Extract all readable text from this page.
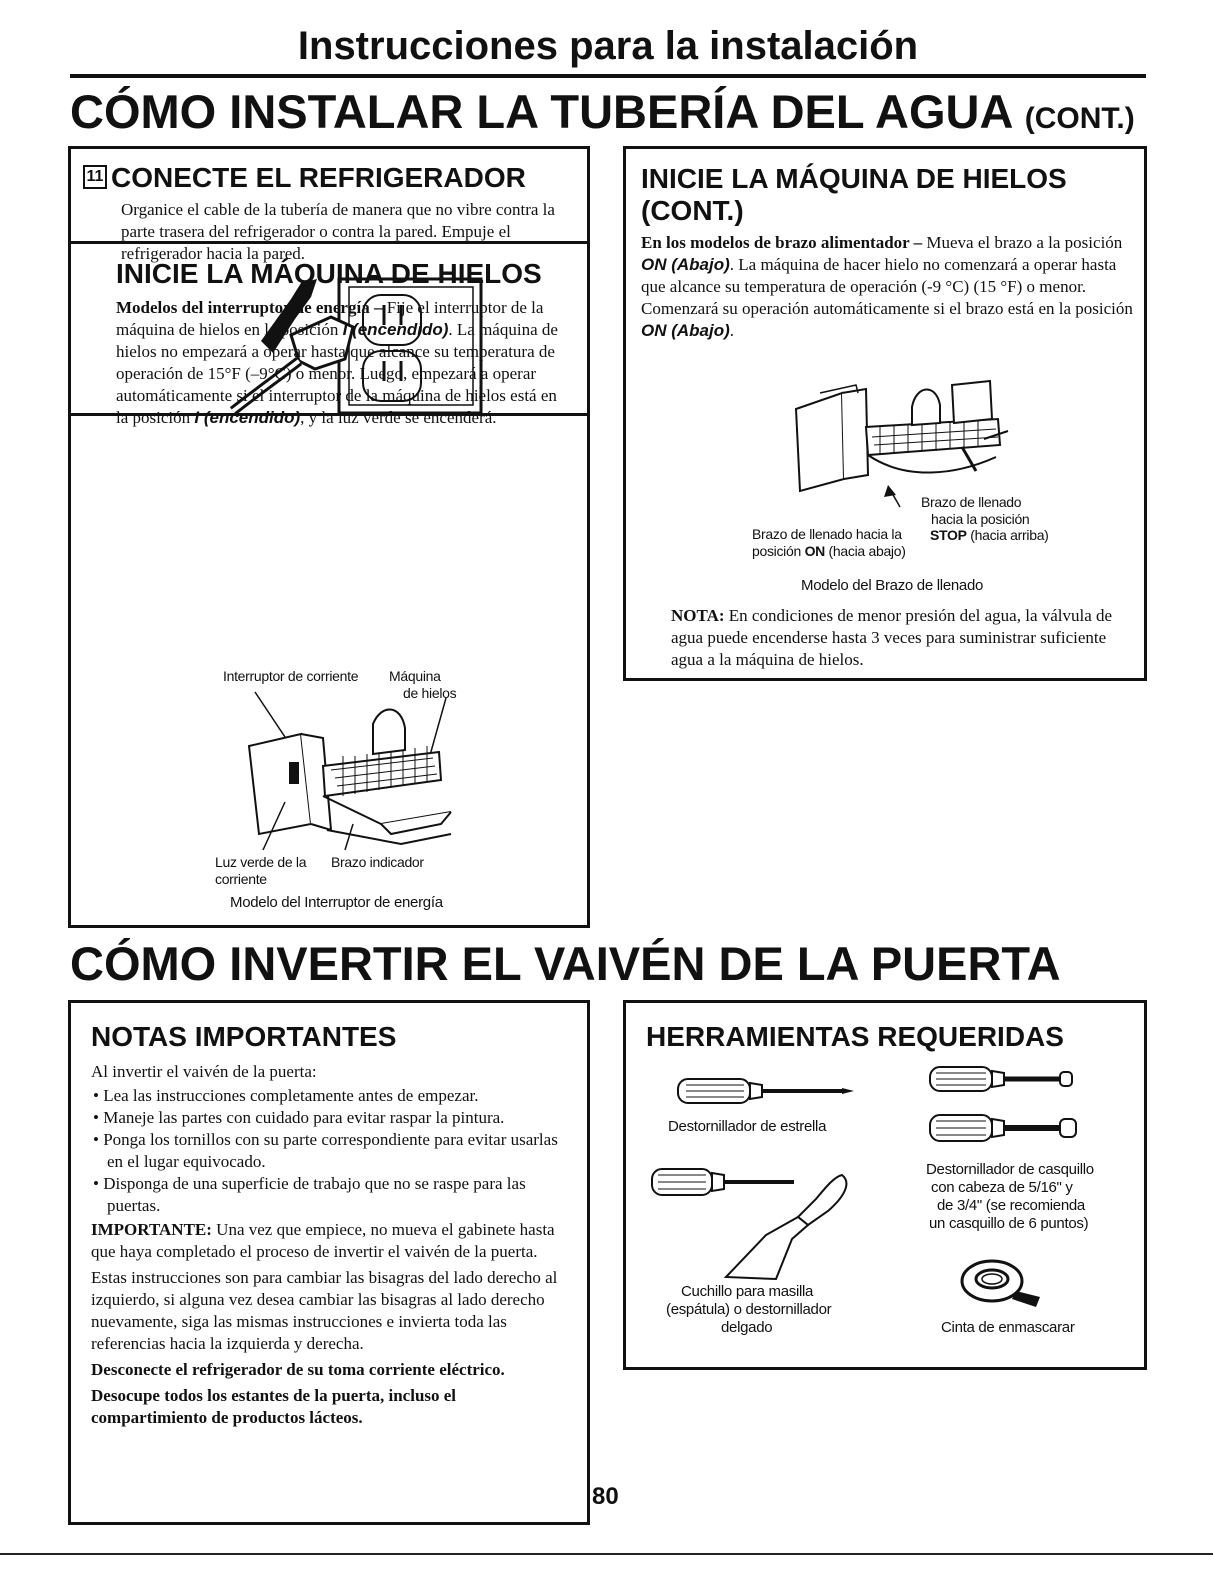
Instrucciones para la instalación
CÓMO INSTALAR LA TUBERÍA DEL AGUA (CONT.)
11 CONECTE EL REFRIGERADOR

Organice el cable de la tubería de manera que no vibre contra la parte trasera del refrigerador o contra la pared. Empuje el refrigerador hacia la pared.

INICIE LA MÁQUINA DE HIELOS

Modelos del interruptor de energía – Fije el interruptor de la máquina de hielos en la posición I (encendido). La máquina de hielos no empezará a operar hasta que alcance su temperatura de operación de 15°F (–9°C) o menor. Luego, empezará a operar automáticamente si el interruptor de la máquina de hielos está en la posición I (encendido), y la luz verde se encenderá.

Interruptor de corriente Máquina
de hielos
Luz verde de la
corriente
Brazo indicador
Modelo del Interruptor de energía
INICIE LA MÁQUINA DE HIELOS
(CONT.)

En los modelos de brazo alimentador – Mueva el brazo a la posición ON (Abajo). La máquina de hacer hielo no comenzará a operar hasta que alcance su temperatura de operación (-9 °C) (15 °F) o menor. Comenzará su operación automáticamente si el brazo está en la posición ON (Abajo).

Brazo de llenado
hacia la posición
STOP (hacia arriba)
Brazo de llenado hacia la
posición ON (hacia abajo)
Modelo del Brazo de llenado

NOTA: En condiciones de menor presión del agua, la válvula de agua puede encenderse hasta 3 veces para suministrar suficiente agua a la máquina de hielos.

CÓMO INVERTIR EL VAIVÉN DE LA PUERTA
NOTAS IMPORTANTES

Al invertir el vaivén de la puerta:

• Lea las instrucciones completamente antes de empezar.
• Maneje las partes con cuidado para evitar raspar la pintura.
• Ponga los tornillos con su parte correspondiente para evitar usarlas en el lugar equivocado.
• Disponga de una superficie de trabajo que no se raspe para las puertas.

IMPORTANTE: Una vez que empiece, no mueva el gabinete hasta que haya completado el proceso de invertir el vaivén de la puerta.

Estas instrucciones son para cambiar las bisagras del lado derecho al izquierdo, si alguna vez desea cambiar las bisagras al lado derecho nuevamente, siga las mismas instrucciones e invierta toda las referencias hacia la izquierda y derecha.

Desconecte el refrigerador de su toma corriente eléctrico.

Desocupe todos los estantes de la puerta, incluso el compartimiento de productos lácteos.

HERRAMIENTAS REQUERIDAS
Destornillador de estrella
Destornillador de casquillo
con cabeza de 5/16" y
de 3/4" (se recomienda
un casquillo de 6 puntos)
Cuchillo para masilla
(espátula) o destornillador
delgado	Cinta de enmascarar
80
